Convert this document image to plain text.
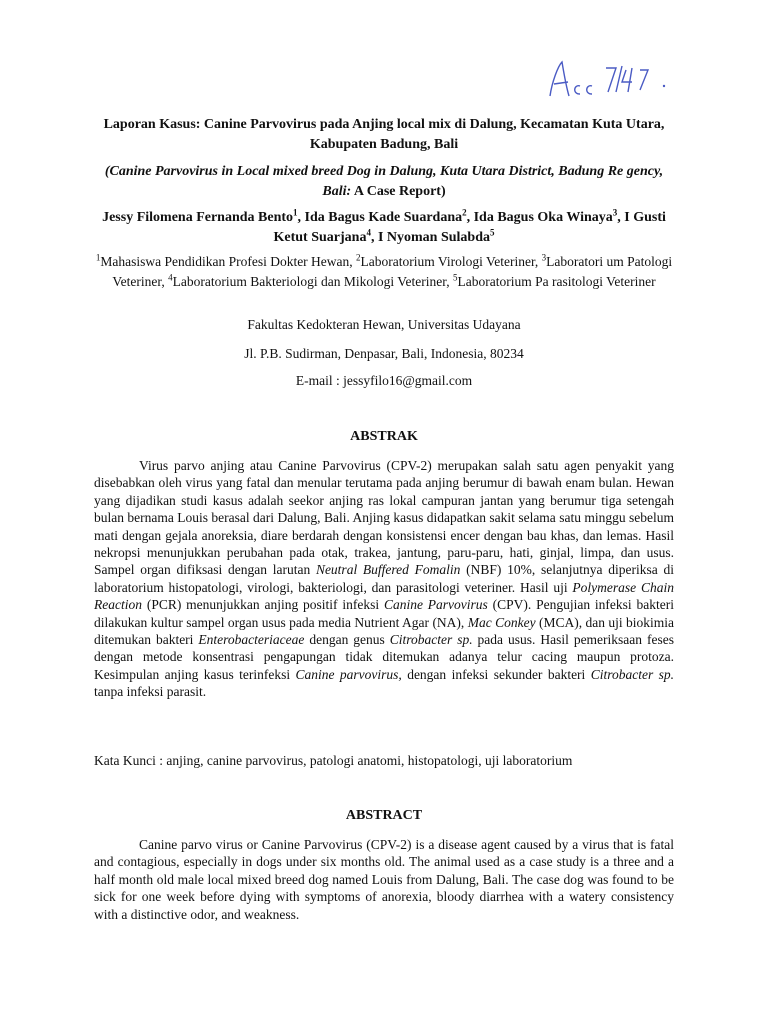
Laporan Kasus: Canine Parvovirus pada Anjing local mix di Dalung, Kecamatan Kuta Utara, Kabupaten Badung, Bali
(Canine Parvovirus in Local mixed breed Dog in Dalung, Kuta Utara District, Badung Re gency, Bali: A Case Report)
Jessy Filomena Fernanda Bento$^1$, Ida Bagus Kade Suardana$^2$, Ida Bagus Oka Winaya$^3$, I Gusti Ketut Suarjana$^4$, I Nyoman Sulabda$^5$
$^1$Mahasiswa Pendidikan Profesi Dokter Hewan, $^2$Laboratorium Virologi Veteriner, $^3$Laboratori um Patologi Veteriner, $^4$Laboratorium Bakteriologi dan Mikologi Veteriner, $^5$Laboratorium Pa rasitologi Veteriner
Fakultas Kedokteran Hewan, Universitas Udayana
Jl. P.B. Sudirman, Denpasar, Bali, Indonesia, 80234
E-mail : jessyfilo16@gmail.com
ABSTRAK

Virus parvo anjing atau Canine Parvovirus (CPV-2) merupakan salah satu agen penyakit yang disebabkan oleh virus yang fatal dan menular terutama pada anjing berumur di bawah enam bulan. Hewan yang dijadikan studi kasus adalah seekor anjing ras lokal campuran jantan yang berumur tiga setengah bulan bernama Louis berasal dari Dalung, Bali. Anjing kasus didapatkan sakit selama satu minggu sebelum mati dengan gejala anoreksia, diare berdarah dengan konsistensi encer dengan bau khas, dan lemas. Hasil nekropsi menunjukkan perubahan pada otak, trakea, jantung, paru-paru, hati, ginjal, limpa, dan usus. Sampel organ difiksasi dengan larutan Neutral Buffered Fomalin (NBF) 10%, selanjutnya diperiksa di laboratorium histopatologi, virologi, bakteriologi, dan parasitologi veteriner. Hasil uji Polymerase Chain Reaction (PCR) menunjukkan anjing positif infeksi Canine Parvovirus (CPV). Pengujian infeksi bakteri dilakukan kultur sampel organ usus pada media Nutrient Agar (NA), Mac Conkey (MCA), dan uji biokimia ditemukan bakteri Enterobacteriaceae dengan genus Citrobacter sp. pada usus. Hasil pemeriksaan feses dengan metode konsentrasi pengapungan tidak ditemukan adanya telur cacing maupun protoza. Kesimpulan anjing kasus terinfeksi Canine parvovirus, dengan infeksi sekunder bakteri Citrobacter sp. tanpa infeksi parasit.

Kata Kunci : anjing, canine parvovirus, patologi anatomi, histopatologi, uji laboratorium

ABSTRACT

Canine parvo virus or Canine Parvovirus (CPV-2) is a disease agent caused by a virus that is fatal and contagious, especially in dogs under six months old. The animal used as a case study is a three and a half month old male local mixed breed dog named Louis from Dalung, Bali. The case dog was found to be sick for one week before dying with symptoms of anorexia, bloody diarrhea with a watery consistency with a distinctive odor, and weakness.
